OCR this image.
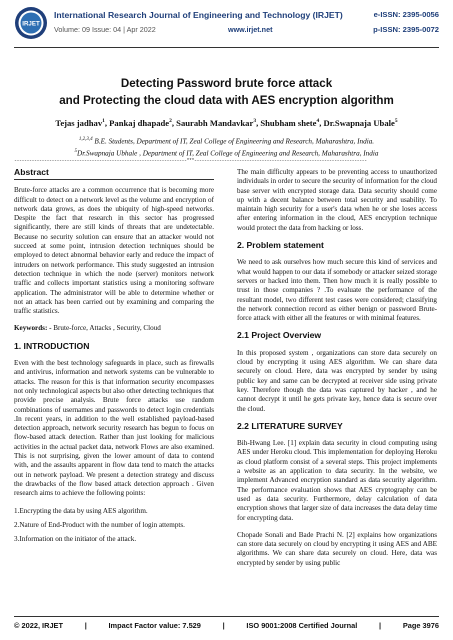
IRJET
International Research Journal of Engineering and Technology (IRJET)	e-ISSN: 2395-0056
Volume: 09 Issue: 04 | Apr 2022	www.irjet.net	p-ISSN: 2395-0072
Detecting Password brute force attack
and Protecting the cloud data with AES encryption algorithm
Tejas jadhav$^1$, Pankaj dhapade$^2$, Saurabh Mandavkar$^3$, Shubham shete$^4$, Dr.Swapnaja Ubale$^5$
$^{1,2,3,4}$ B.E. Students, Department of IT, Zeal College of Engineering and Research, Maharashtra, India.
$^5$Dr.Swapnaja Ubhale , Department of IT, Zeal College of Engineering and Research, Maharashtra, India
---------------------------------------------------------------------***---------------------------------------------------------------------
Abstract

Brute-force attacks are a common occurrence that is becoming more difficult to detect on a network level as the volume and encryption of network data grows, as does the ubiquity of high-speed networks. Despite the fact that research in this sector has progressed significantly, there are still kinds of threats that are undetectable. Because no security solution can ensure that an attacker would not succeed at some point, intrusion detection techniques should be employed to detect abnormal behavior early and reduce the impact of intruders on network performance. This study suggested an intrusion detection technique in which the node (server) monitors network traffic and collects important statistics using a monitoring software application. The administrator will be able to determine whether or not an attack has been carried out by examining and comparing the traffic statistics.

Keywords: - Brute-force, Attacks , Security, Cloud
1. INTRODUCTION

Even with the best technology safeguards in place, such as firewalls and antivirus, information and network systems can be vulnerable to attacks. The reason for this is that information security encompasses not only technological aspects but also other detecting techniques that provide precise analysis. Brute force attacks use random combinations of usernames and passwords to detect login credentials .In recent years, in addition to the well established payload-based detection approach, network security research has begun to focus on flow-based attack detection. Rather than just looking for malicious activities in the actual packet data, network Flows are also examined. This is not surprising, given the lower amount of data to contend with, and the assaults apparent in flow data tend to match the attacks out in network payload. We present a detection strategy and discuss the drawbacks of the flow based attack detection approach . Given research aims to achieve the following points:

1.Encrypting the data by using AES algorithm.
2.Nature of End-Product with the number of login attempts.
3.Information on the initiator of the attack.

The main difficulty appears to be preventing access to unauthorized individuals in order to secure the security of information for the cloud base server with encrypted storage data. Data security should come up with a decent balance between total security and usability. To maintain high security for a user's data when he or she loses access after entering information in the cloud, AES encryption technique would protect the data from hacking or loss.

2. Problem statement

We need to ask ourselves how much secure this kind of services and what would happen to our data if somebody or attacker seized storage servers or hacked into them. Then how much it is really possible to trust in those companies ? .To evaluate the performance of the resultant model, two different test cases were considered; classifying the network connection record as either benign or password Brute-force attack with either all the features or with minimal features.

2.1 Project Overview

In this proposed system , organizations can store data securely on cloud by encrypting it using AES algorithm. We can share data securely on cloud. Here, data was encrypted by sender by using public key and same can be decrypted at receiver side using private key. Therefore though the data was captured by hacker , and he cannot decrypt it until he gets private key, hence data is secure over the cloud.

2.2 LITERATURE SURVEY

Bih-Hwang Lee. [1] explain data security in cloud computing using AES under Heroku cloud. This implementation for deploying Heroku as cloud platform consist of a several steps. This project implements a website as an application to data security. In the website, we implement Advanced encryption standard as data security algorithm. The performance evaluation shows that AES cryptography can be used as data security. Furthermore, delay calculation of data encryption shows that larger size of data increases the data delay time for encrypting data.

Chopade Sonali and Bade Prachi N. [2] explains how organizations can store data securely on cloud by encrypting it using AES and ABE algorithms. We can share data securely on cloud. Here, data was encrypted by sender by using public

© 2022, IRJET	|	Impact Factor value: 7.529	|	ISO 9001:2008 Certified Journal	|	Page 3976
